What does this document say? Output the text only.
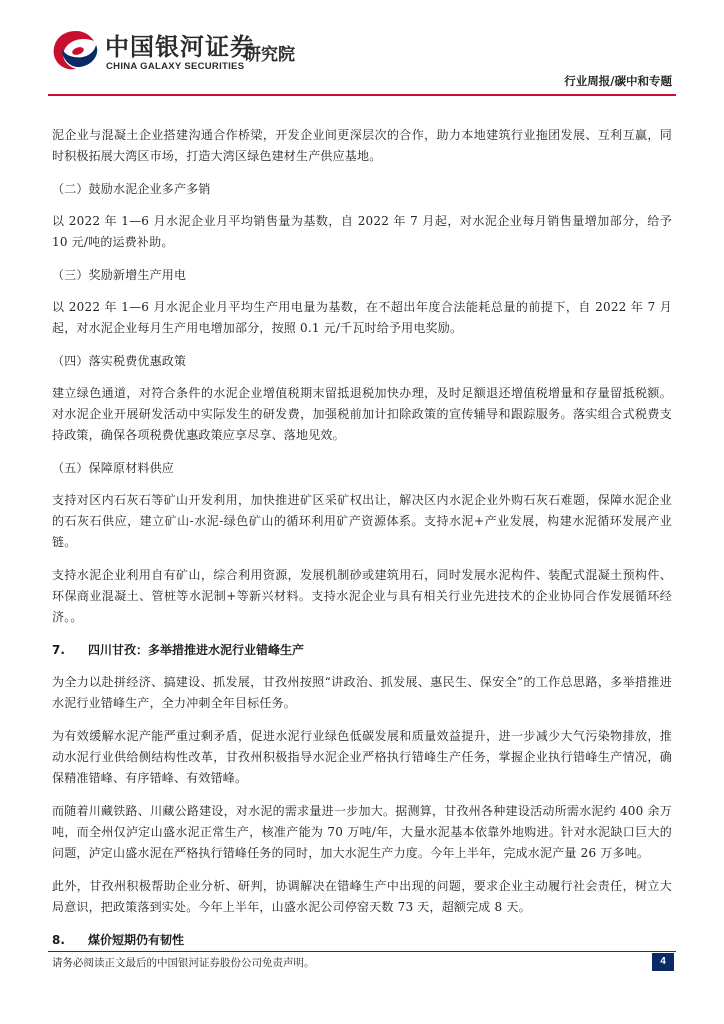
中国银河证券
CHINA GALAXY SECURITIES
研究院
行业周报/碳中和专题

泥企业与混凝土企业搭建沟通合作桥梁，开发企业间更深层次的合作，助力本地建筑行业拖团发展、互利互赢，同时积极拓展大湾区市场，打造大湾区绿色建材生产供应基地。

（二）鼓励水泥企业多产多销

以 2022 年 1—6 月水泥企业月平均销售量为基数，自 2022 年 7 月起，对水泥企业每月销售量增加部分，给予 10 元/吨的运费补助。

（三）奖励新增生产用电

以 2022 年 1—6 月水泥企业月平均生产用电量为基数，在不超出年度合法能耗总量的前提下，自 2022 年 7 月起，对水泥企业每月生产用电增加部分，按照 0.1 元/千瓦时给予用电奖励。

（四）落实税费优惠政策

建立绿色通道，对符合条件的水泥企业增值税期末留抵退税加快办理，及时足额退还增值税增量和存量留抵税额。对水泥企业开展研发活动中实际发生的研发费，加强税前加计扣除政策的宣传辅导和跟踪服务。落实组合式税费支持政策，确保各项税费优惠政策应享尽享、落地见效。

（五）保障原材料供应

支持对区内石灰石等矿山开发利用，加快推进矿区采矿权出让，解决区内水泥企业外购石灰石难题，保障水泥企业的石灰石供应，建立矿山-水泥-绿色矿山的循环利用矿产资源体系。支持水泥+产业发展，构建水泥循环发展产业链。

支持水泥企业利用自有矿山，综合利用资源，发展机制砂或建筑用石，同时发展水泥构件、装配式混凝土预构件、环保商业混凝土、管桩等水泥制+等新兴材料。支持水泥企业与具有相关行业先进技术的企业协同合作发展循环经济。。

7. 四川甘孜：多举措推进水泥行业错峰生产

为全力以赴拼经济、搞建设、抓发展，甘孜州按照“讲政治、抓发展、惠民生、保安全”的工作总思路，多举措推进水泥行业错峰生产，全力冲刺全年目标任务。

为有效缓解水泥产能严重过剩矛盾，促进水泥行业绿色低碳发展和质量效益提升，进一步减少大气污染物排放，推动水泥行业供给侧结构性改革，甘孜州积极指导水泥企业严格执行错峰生产任务，掌握企业执行错峰生产情况，确保精准错峰、有序错峰、有效错峰。

而随着川藏铁路、川藏公路建设，对水泥的需求量进一步加大。据测算，甘孜州各种建设活动所需水泥约 400 余万吨，而全州仅泸定山盛水泥正常生产，核准产能为 70 万吨/年，大量水泥基本依靠外地购进。针对水泥缺口巨大的问题，泸定山盛水泥在严格执行错峰任务的同时，加大水泥生产力度。今年上半年，完成水泥产量 26 万多吨。

此外，甘孜州积极帮助企业分析、研判，协调解决在错峰生产中出现的问题，要求企业主动履行社会责任，树立大局意识，把政策落到实处。今年上半年，山盛水泥公司停窑天数 73 天，超额完成 8 天。

8. 煤价短期仍有韧性
请务必阅读正文最后的中国银河证券股份公司免责声明。	4
